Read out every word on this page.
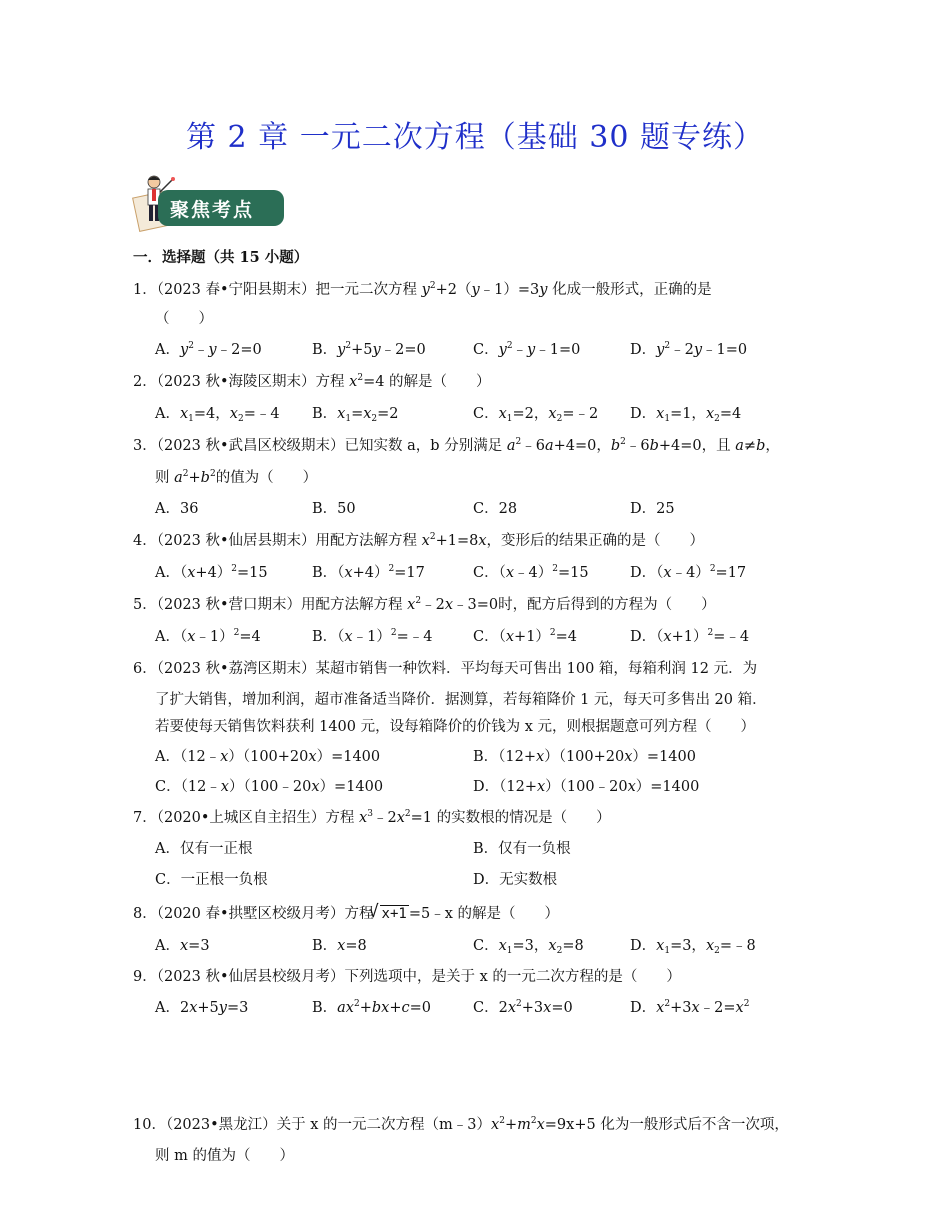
第 2 章 一元二次方程（基础 30 题专练）
聚焦考点
一．选择题（共 15 小题）
1．（2023 春•宁阳县期末）把一元二次方程 $y^2+2(y﹣1)=3y$ 化成一般形式，正确的是
（　　）
A．$y^2﹣y﹣2=0$	B．$y^2+5y﹣2=0$	C．$y^2﹣y﹣1=0$	D．$y^2﹣2y﹣1=0$
2．（2023 秋•海陵区期末）方程 $x^2=4$ 的解是（　　）
A．$x_1=4$，$x_2=﹣4$ B．$x_1=x_2=2$	C．$x_1=2$，$x_2=﹣2$ D．$x_1=1$，$x_2=4$
3．（2023 秋•武昌区校级期末）已知实数 a，b 分别满足 $a^2﹣6a+4=0$，$b^2﹣6b+4=0$，且 a≠b，
则 $a^2+b^2$的值为（　　）
A．36	B．50	C．28	D．25
4．（2023 秋•仙居县期末）用配方法解方程 $x^2+1=8x$，变形后的结果正确的是（　　）
A．$(x+4)^2=15$	B．$(x+4)^2=17$	C．（x﹣4）$^2$=15	D．（x﹣4）$^2$=17
5．（2023 秋•营口期末）用配方法解方程 $x^2﹣2x﹣3=0$时，配方后得到的方程为（　　）
A．（x﹣1）$^2$=4	B．（x﹣1）$^2$=﹣4	C．$(x+1)^2=4$	D．$(x+1)^2=﹣4$
6．（2023 秋•荔湾区期末）某超市销售一种饮料．平均每天可售出 100 箱，每箱利润 12 元．为
了扩大销售，增加利润，超市准备适当降价．据测算，若每箱降价 1 元，每天可多售出 20 箱．
若要使每天销售饮料获利 1400 元，设每箱降价的价钱为 x 元，则根据题意可列方程（　　）
A．（12﹣x）（100+20x）=1400	B．（12+x）（100+20x）=1400
C．（12﹣x）（100﹣20x）=1400	D．（12+x）（100﹣20x）=1400
7．（2020•上城区自主招生）方程 $x^3﹣2x^2=1$ 的实数根的情况是（　　）
A．仅有一正根	B．仅有一负根
C．一正根一负根	D．无实数根
8．（2020 春•拱墅区校级月考）方程√ x+1 =5﹣x 的解是（　　）
A．x=3	B．x=8	C．$x_1=3$，$x_2=8$	D．$x_1=3$，$x_2=﹣8$
9．（2023 秋•仙居县校级月考）下列选项中，是关于 x 的一元二次方程的是（　　）
A．2x+5y=3	B．$ax^2+bx+c=0$	C．$2x^2+3x=0$	D．$x^2+3x﹣2=x^2$
10．（2023•黑龙江）关于 x 的一元二次方程$(m﹣3)x^2+m^2x=9x+5$ 化为一般形式后不含一次项，
则 m 的值为（　　）
